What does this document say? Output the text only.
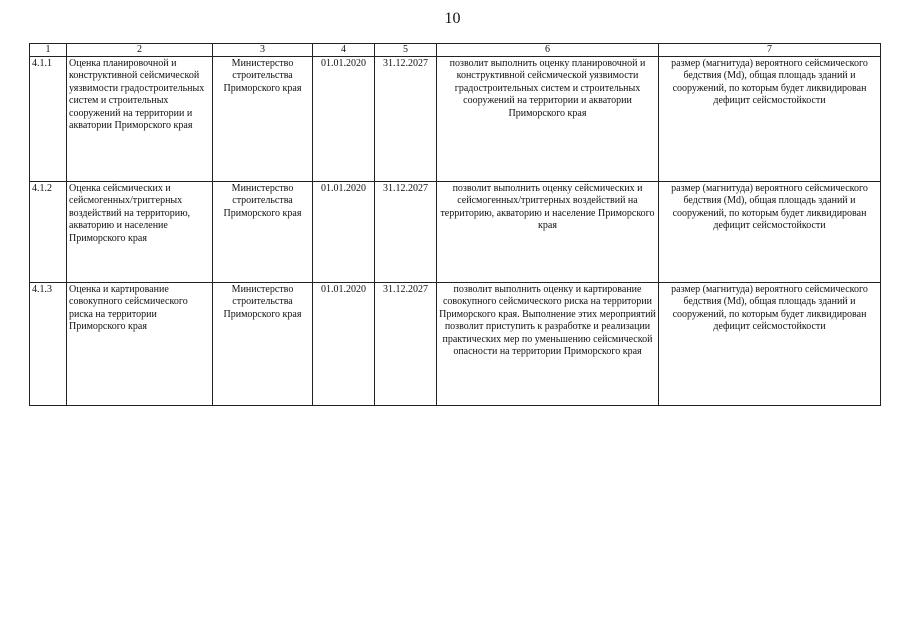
10
1	2	3	4	5	6	7
4.1.1	Оценка планировочной и конструктивной сейсмической уязвимости градостроительных систем и строительных сооружений на территории и акватории Приморского края	Министерство строительства Приморского края	01.01.2020	31.12.2027	позволит выполнить оценку планировочной и конструктивной сейсмической уязвимости градостроительных систем и строительных сооружений на территории и акватории Приморского края	размер (магнитуда) вероятного сейсмического бедствия (Md), общая площадь зданий и сооружений, по которым будет ликвидирован дефицит сейсмостойкости
4.1.2	Оценка сейсмических и сейсмогенных/триггерных воздействий на территорию, акваторию и население Приморского края	Министерство строительства Приморского края	01.01.2020	31.12.2027	позволит выполнить оценку сейсмических и сейсмогенных/триггерных воздействий на территорию, акваторию и население Приморского края	размер (магнитуда) вероятного сейсмического бедствия (Md), общая площадь зданий и сооружений, по которым будет ликвидирован дефицит сейсмостойкости
4.1.3	Оценка и картирование совокупного сейсмического риска на территории Приморского края	Министерство строительства Приморского края	01.01.2020	31.12.2027	позволит выполнить оценку и картирование совокупного сейсмического риска на территории Приморского края. Выполнение этих мероприятий позволит приступить к разработке и реализации практических мер по уменьшению сейсмической опасности на территории Приморского края	размер (магнитуда) вероятного сейсмического бедствия (Md), общая площадь зданий и сооружений, по которым будет ликвидирован дефицит сейсмостойкости
